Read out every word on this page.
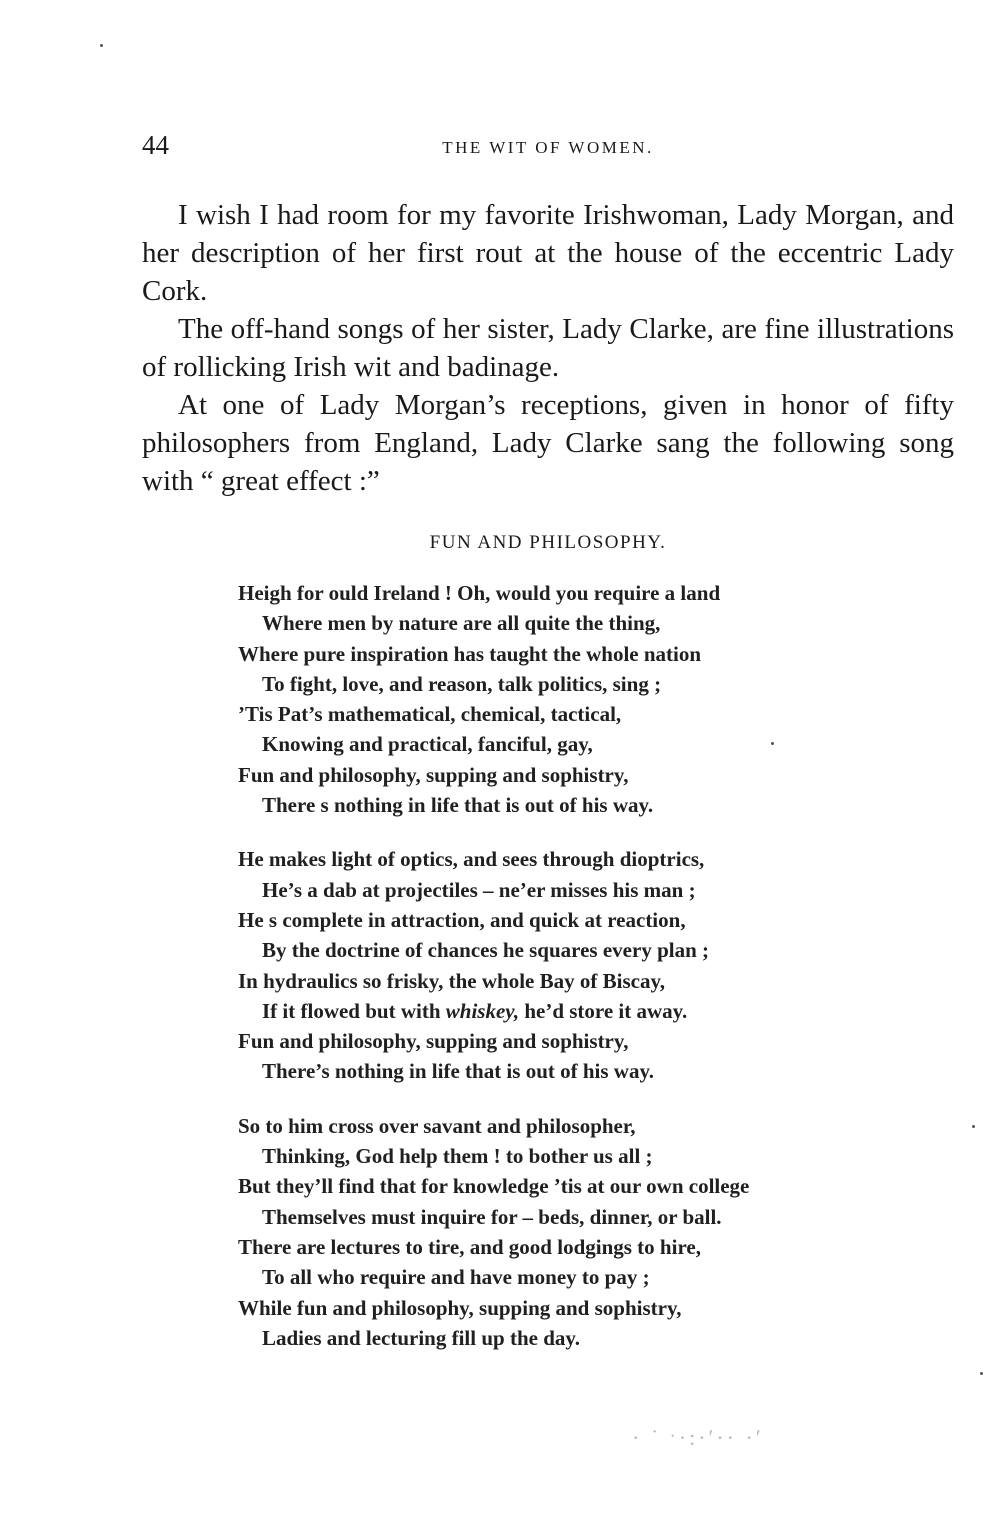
44	THE WIT OF WOMEN.

I wish I had room for my favorite Irishwoman, Lady Morgan, and her description of her first rout at the house of the eccentric Lady Cork.

The off-hand songs of her sister, Lady Clarke, are fine illustrations of rollicking Irish wit and badinage.

At one of Lady Morgan’s receptions, given in honor of fifty philosophers from England, Lady Clarke sang the following song with “ great effect :”

FUN AND PHILOSOPHY.
Heigh for ould Ireland ! Oh, would you require a land
Where men by nature are all quite the thing,
Where pure inspiration has taught the whole nation
To fight, love, and reason, talk politics, sing ;
’Tis Pat’s mathematical, chemical, tactical,
Knowing and practical, fanciful, gay,
Fun and philosophy, supping and sophistry,
There s nothing in life that is out of his way.
He makes light of optics, and sees through dioptrics,
He’s a dab at projectiles – ne’er misses his man ;
He s complete in attraction, and quick at reaction,
By the doctrine of chances he squares every plan ;
In hydraulics so frisky, the whole Bay of Biscay,
If it flowed but with whiskey, he’d store it away.
Fun and philosophy, supping and sophistry,
There’s nothing in life that is out of his way.
So to him cross over savant and philosopher,
Thinking, God help them ! to bother us all ;
But they’ll find that for knowledge ’tis at our own college
Themselves must inquire for – beds, dinner, or ball.
There are lectures to tire, and good lodgings to hire,
To all who require and have money to pay ;
While fun and philosophy, supping and sophistry,
Ladies and lecturing fill up the day.
· ˙ ˑ·:·ʹ·· ·ʹ
